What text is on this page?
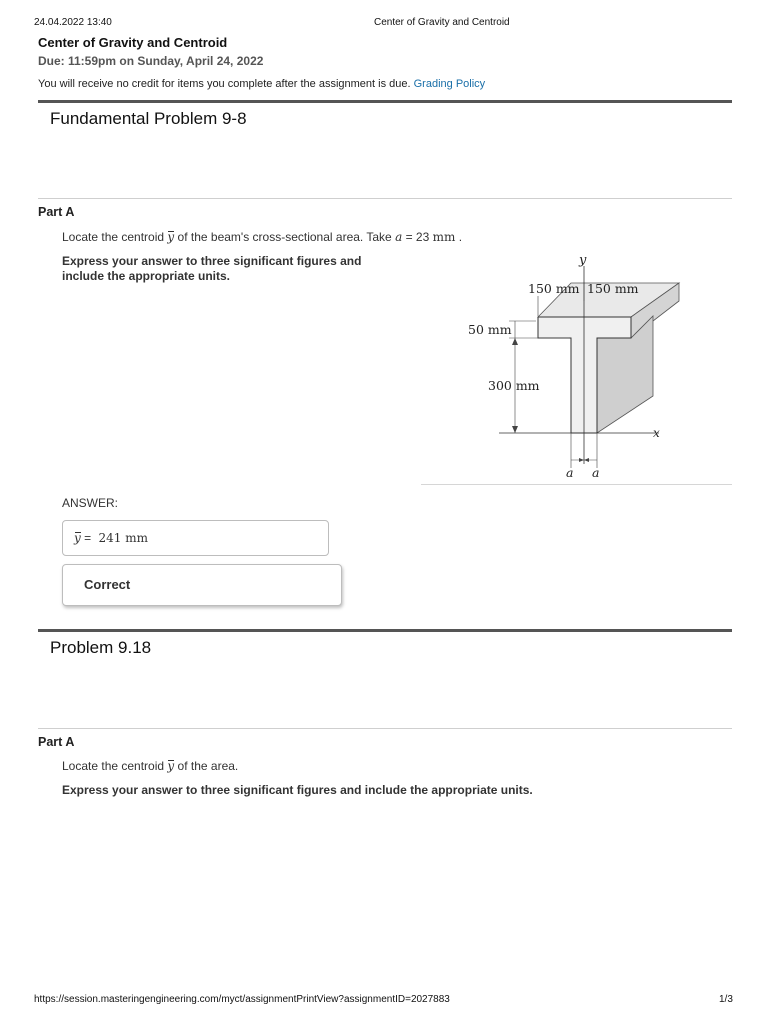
24.04.2022 13:40	Center of Gravity and Centroid
Center of Gravity and Centroid
Due: 11:59pm on Sunday, April 24, 2022
You will receive no credit for items you complete after the assignment is due. Grading Policy
Fundamental Problem 9-8
Part A
Locate the centroid y of the beam's cross-sectional area. Take a = 23 mm .
Express your answer to three significant figures and include the appropriate units.
y
x
150 mm 150 mm
50 mm
300 mm
a a
ANSWER:
y = 241 mm
Correct
Problem 9.18
Part A
Locate the centroid y of the area.
Express your answer to three significant figures and include the appropriate units.
https://session.masteringengineering.com/myct/assignmentPrintView?assignmentID=2027883	1/3
